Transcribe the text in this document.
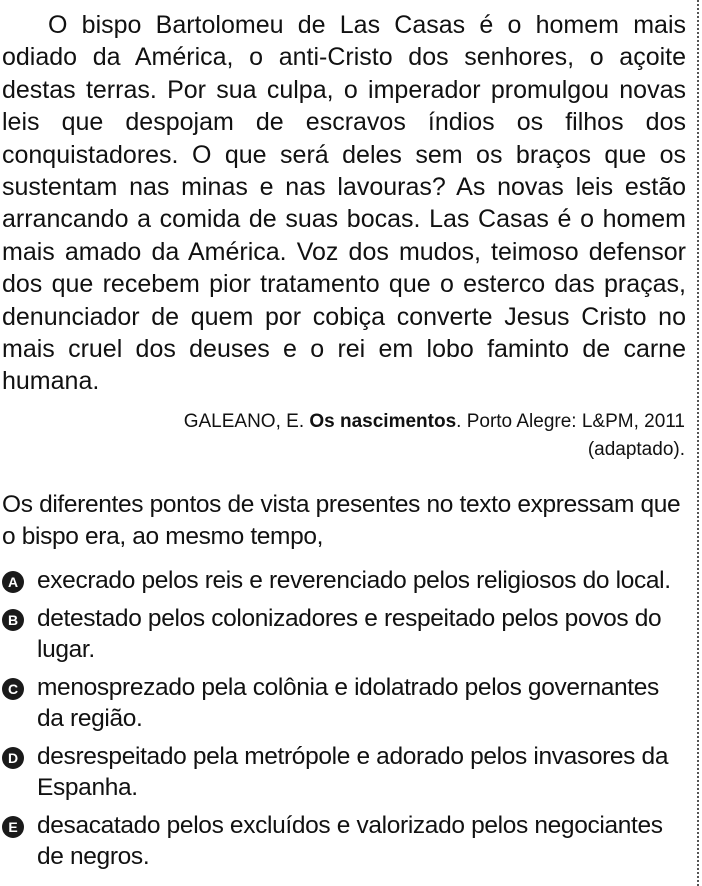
O bispo Bartolomeu de Las Casas é o homem mais odiado da América, o anti-Cristo dos senhores, o açoite destas terras. Por sua culpa, o imperador promulgou novas leis que despojam de escravos índios os filhos dos conquistadores. O que será deles sem os braços que os sustentam nas minas e nas lavouras? As novas leis estão arrancando a comida de suas bocas. Las Casas é o homem mais amado da América. Voz dos mudos, teimoso defensor dos que recebem pior tratamento que o esterco das praças, denunciador de quem por cobiça converte Jesus Cristo no mais cruel dos deuses e o rei em lobo faminto de carne humana.

GALEANO, E. Os nascimentos. Porto Alegre: L&PM, 2011 (adaptado).

Os diferentes pontos de vista presentes no texto expressam que o bispo era, ao mesmo tempo,

A execrado pelos reis e reverenciado pelos religiosos do local.
B detestado pelos colonizadores e respeitado pelos povos do lugar.
C menosprezado pela colônia e idolatrado pelos governantes da região.
D desrespeitado pela metrópole e adorado pelos invasores da Espanha.
E desacatado pelos excluídos e valorizado pelos negociantes de negros.
